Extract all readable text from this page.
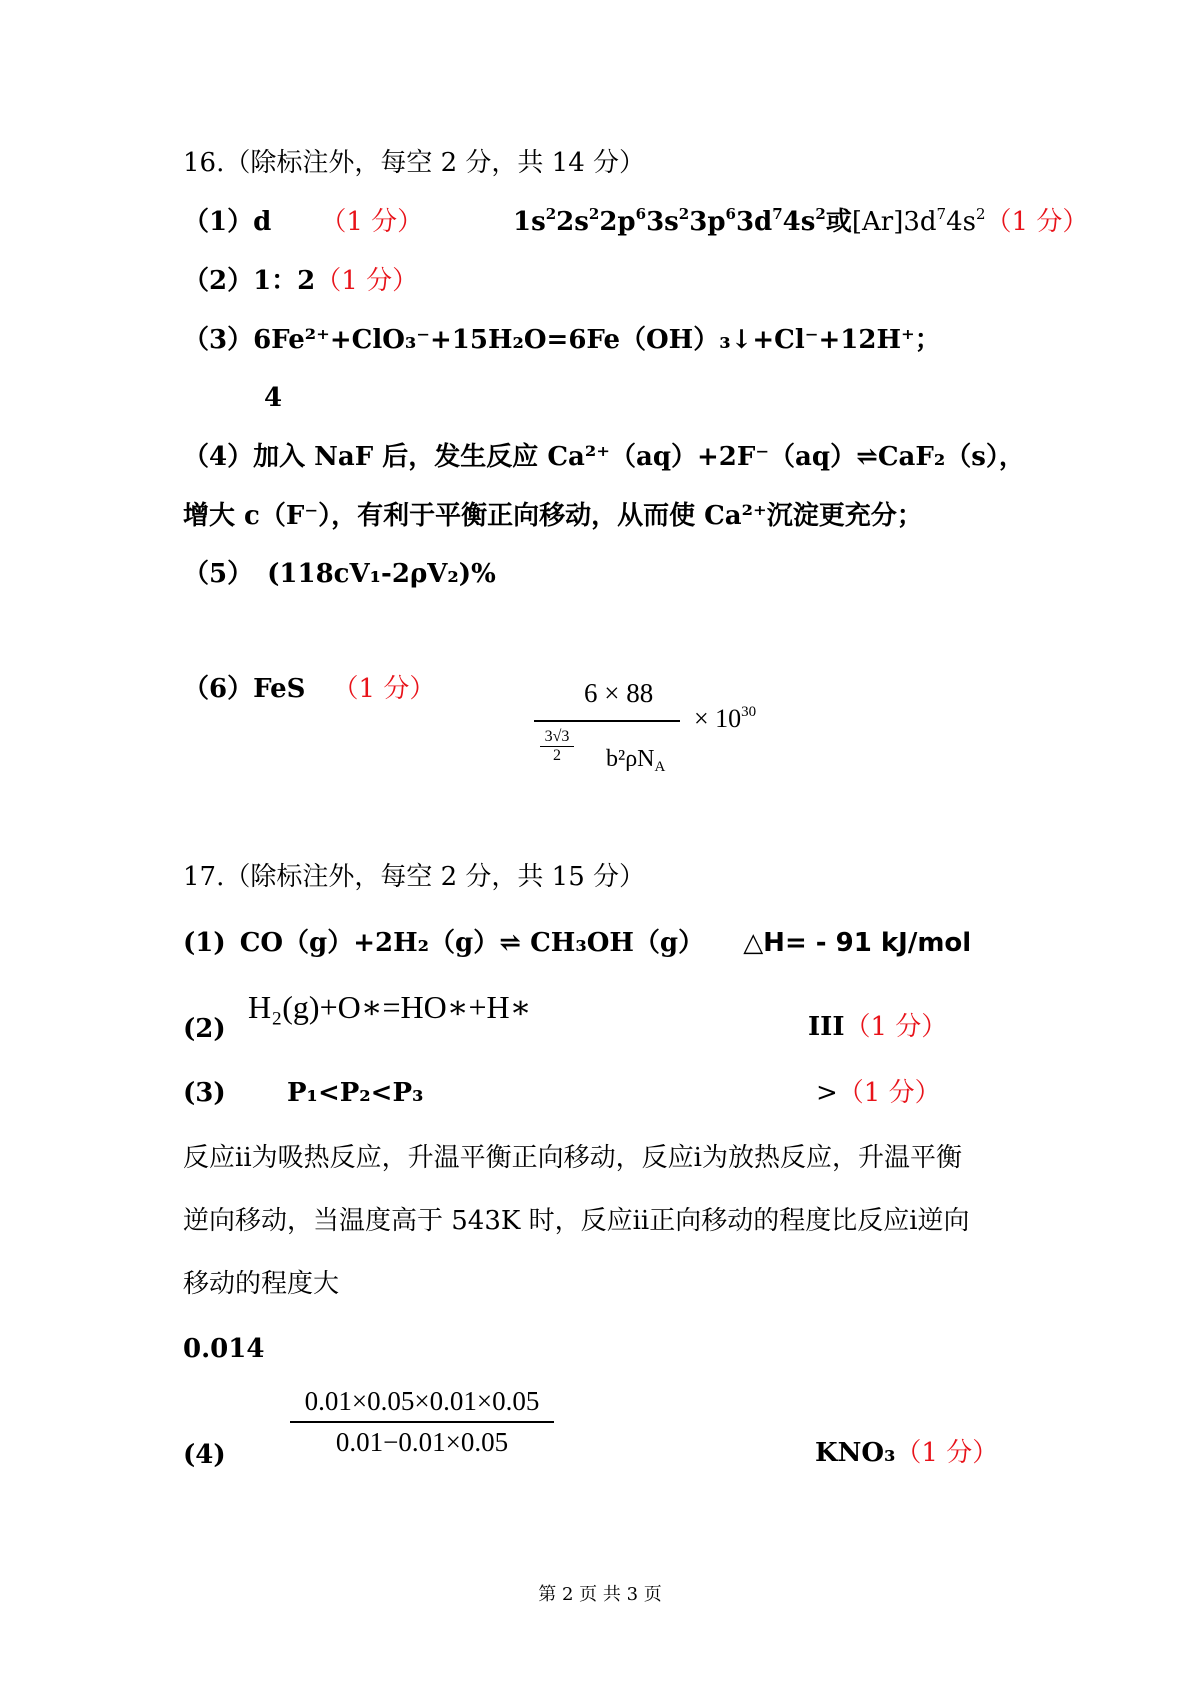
16.（除标注外，每空 2 分，共 14 分）
（1）d （1 分）	$1s^22s^22p^63s^23p^63d^74s^2$或$[Ar]3d^74s^2(1$ 分）
（2）1：2（1 分）
（3）6Fe²⁺+ClO₃⁻+15H₂O=6Fe（OH）₃↓+Cl⁻+12H⁺；
4
（4）加入 NaF 后，发生反应 Ca²⁺（aq）+2F⁻（aq）⇌CaF₂（s），
增大 c（F⁻），有利于平衡正向移动，从而使 Ca²⁺沉淀更充分；
（5） (118cV₁-2ρV₂)%
（6）FeS （1 分）	6 × 88
3√3
2	$b^2\rho N_A$
× $10^{30}$
17.（除标注外，每空 2 分，共 15 分）
(1) CO（g）+2H₂（g）⇌ CH₃OH（g） △H= - 91 kJ/mol
(2)
H₂(g)+O∗=HO∗+H∗
III（1 分）
(3) P₁<P₂<P₃	>（1 分）
反应ii为吸热反应，升温平衡正向移动，反应i为放热反应，升温平衡
逆向移动，当温度高于 543K 时，反应ii正向移动的程度比反应i逆向
移动的程度大
0.014
(4)
0.01×0.05×0.01×0.05
0.01−0.01×0.05	KNO₃（1 分）
第 2 页 共 3 页
